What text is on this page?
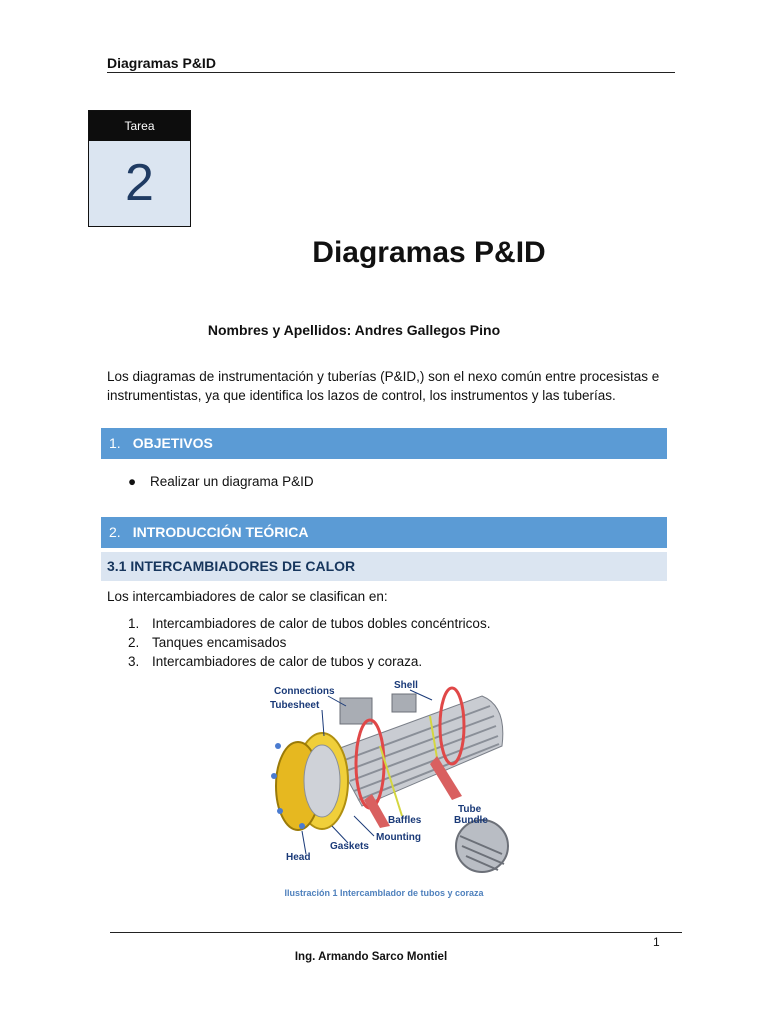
Diagramas P&ID
Tarea
2
Diagramas P&ID
Nombres y Apellidos: Andres Gallegos Pino
Los diagramas de instrumentación y tuberías (P&ID,) son el nexo común entre procesistas e instrumentistas, ya que identifica los lazos de control, los instrumentos y las tuberías.
1. OBJETIVOS
● Realizar un diagrama P&ID
2. INTRODUCCIÓN TEÓRICA
3.1 INTERCAMBIADORES DE CALOR
Los intercambiadores de calor se clasifican en:
1. Intercambiadores de calor de tubos dobles concéntricos.
2. Tanques encamisados
3. Intercambiadores de calor de tubos y coraza.
Connections
Tubesheet
Shell
Tube
Bundle
Baffles
Mounting
Gaskets
Head
Ilustración 1 Intercamblador de tubos y coraza
1
Ing. Armando Sarco Montiel
